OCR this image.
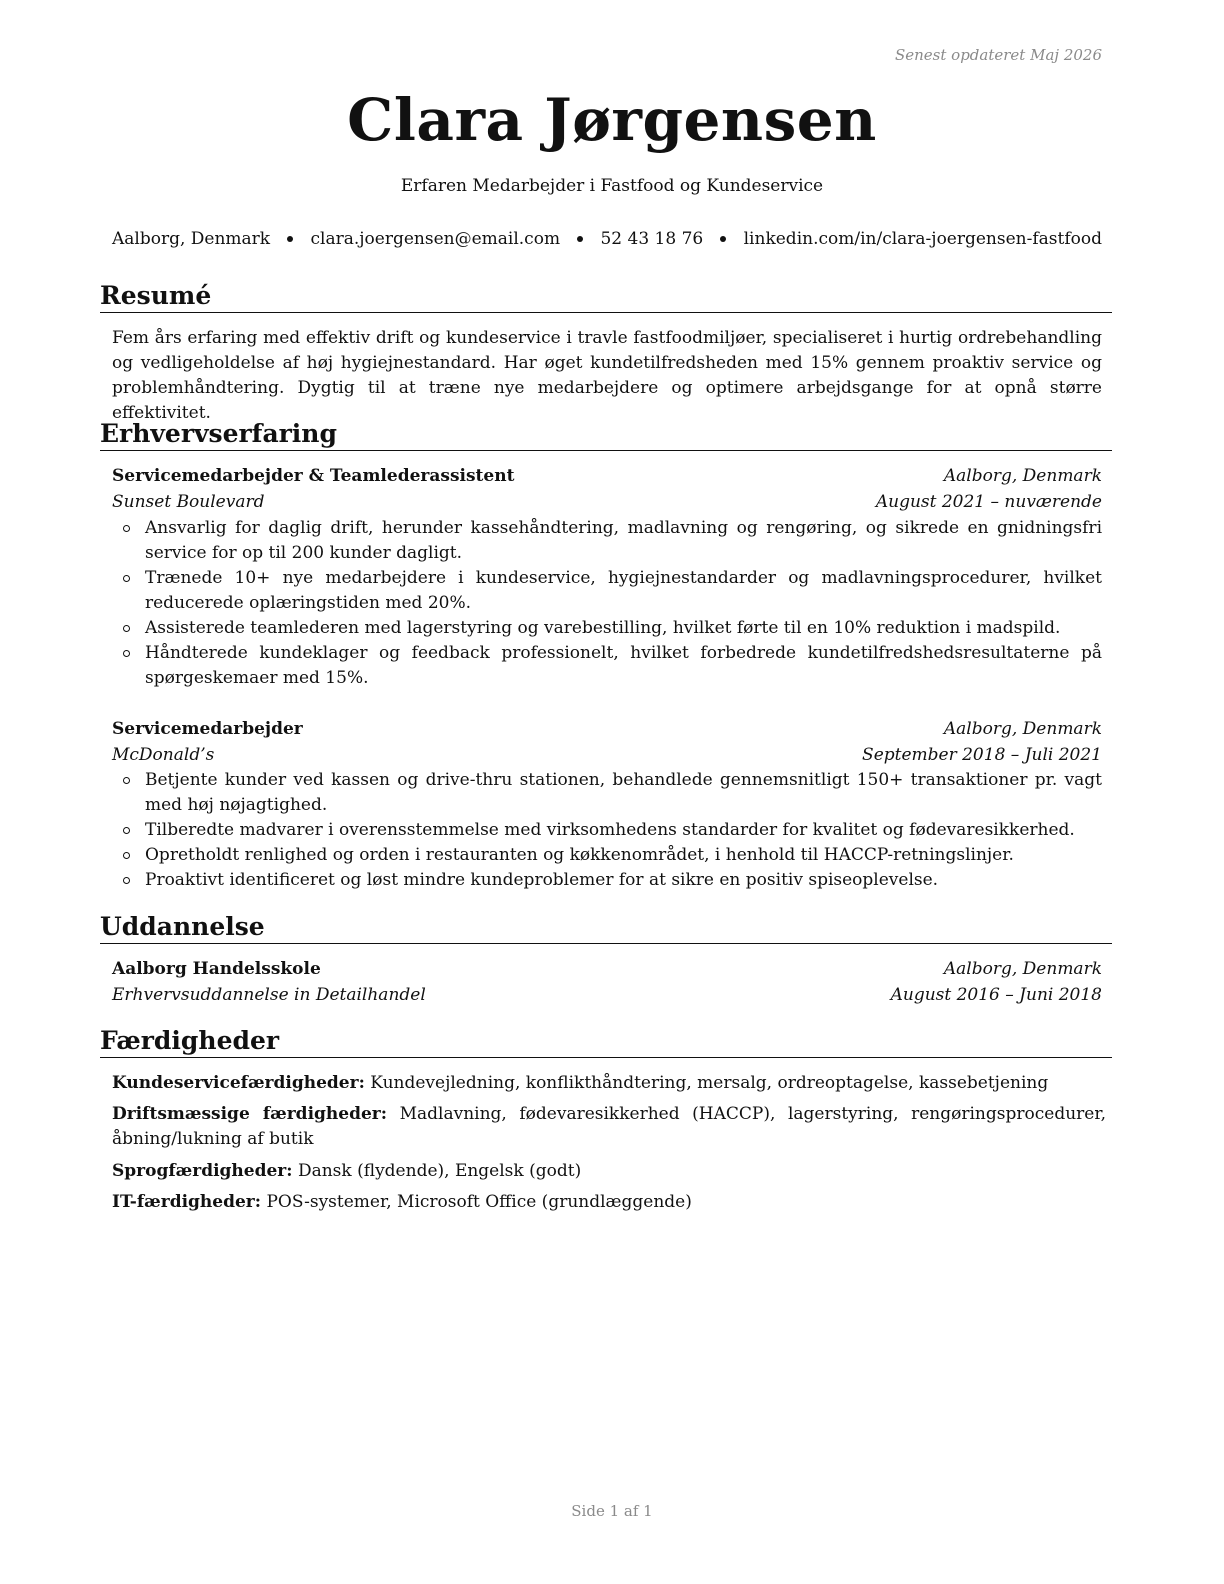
Senest opdateret Maj 2026
Clara Jørgensen
Erfaren Medarbejder i Fastfood og Kundeservice
Aalborg, Denmark clara.joergensen@email.com 52 43 18 76 linkedin.com/in/clara-joergensen-fastfood
Resumé
Fem års erfaring med effektiv drift og kundeservice i travle fastfoodmiljøer, specialiseret i hurtig ordrebehandling og vedligeholdelse af høj hygiejnestandard. Har øget kundetilfredsheden med 15% gennem proaktiv service og problemhåndtering. Dygtig til at træne nye medarbejdere og optimere arbejdsgange for at opnå større effektivitet.
Erhvervserfaring
Servicemedarbejder & Teamlederassistent	Aalborg, Denmark
Sunset Boulevard	August 2021 – nuværende
Ansvarlig for daglig drift, herunder kassehåndtering, madlavning og rengøring, og sikrede en gnidningsfri service for op til 200 kunder dagligt.
Trænede 10+ nye medarbejdere i kundeservice, hygiejnestandarder og madlavningsprocedurer, hvilket reducerede oplæringstiden med 20%.
Assisterede teamlederen med lagerstyring og varebestilling, hvilket førte til en 10% reduktion i madspild.
Håndterede kundeklager og feedback professionelt, hvilket forbedrede kundetilfredshedsresultaterne på spørgeskemaer med 15%.
Servicemedarbejder	Aalborg, Denmark
McDonald’s	September 2018 – Juli 2021
Betjente kunder ved kassen og drive-thru stationen, behandlede gennemsnitligt 150+ transaktioner pr. vagt med høj nøjagtighed.
Tilberedte madvarer i overensstemmelse med virksomhedens standarder for kvalitet og fødevaresikkerhed.
Opretholdt renlighed og orden i restauranten og køkkenområdet, i henhold til HACCP-retningslinjer.
Proaktivt identificeret og løst mindre kundeproblemer for at sikre en positiv spiseoplevelse.
Uddannelse
Aalborg Handelsskole	Aalborg, Denmark
Erhvervsuddannelse in Detailhandel	August 2016 – Juni 2018
Færdigheder
Kundeservicefærdigheder: Kundevejledning, konflikthåndtering, mersalg, ordreoptagelse, kassebetjening
Driftsmæssige færdigheder: Madlavning, fødevaresikkerhed (HACCP), lagerstyring, rengøringsprocedurer, åbning/lukning af butik
Sprogfærdigheder: Dansk (flydende), Engelsk (godt)
IT-færdigheder: POS-systemer, Microsoft Office (grundlæggende)
Side 1 af 1
